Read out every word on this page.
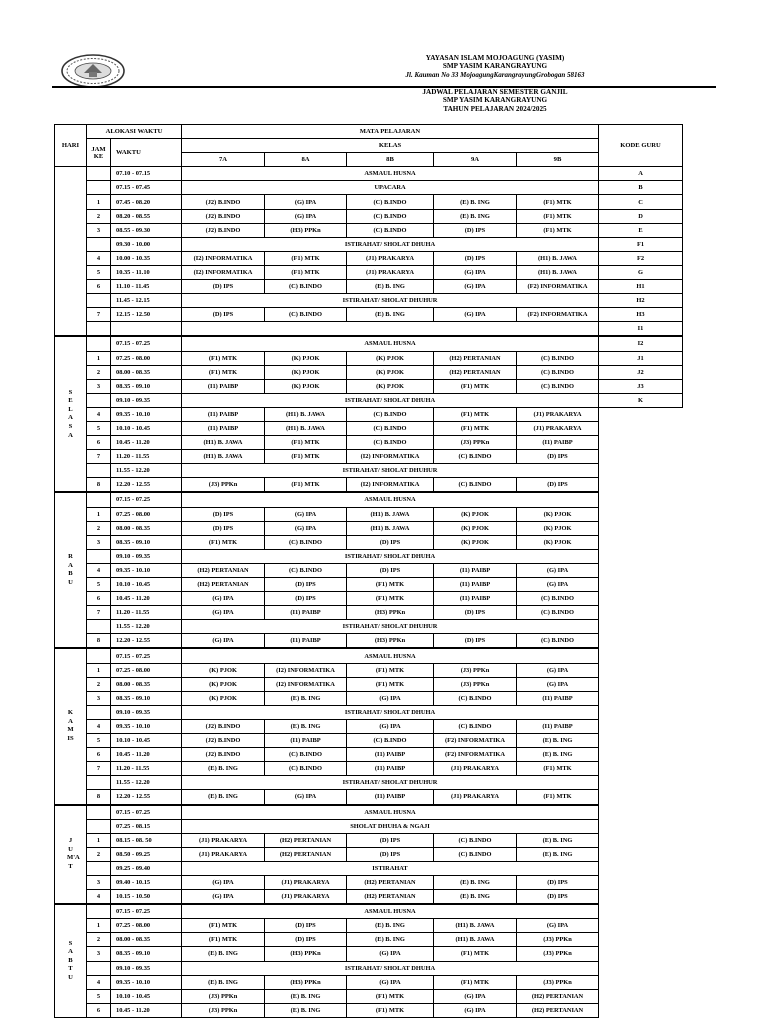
YAYASAN ISLAM MOJOAGUNG (YASIM)
SMP YASIM KARANGRAYUNG
Jl. Kauman No 33 MojoagungKarangrayungGrobogan 58163
JADWAL PELAJARAN SEMESTER GANJIL
SMP YASIM KARANGRAYUNG
TAHUN PELAJARAN 2024/2025
HARI	ALOKASI WAKTU		MATA PELAJARAN					KODE GURU
	JAM KE	WAKTU	KELAS					
			7A	8A	8B	9A	9B	
		07.10 - 07.15	ASMAUL HUSNA					A
		07.15 - 07.45	UPACARA					B
	1	07.45 - 08.20	(J2) B.INDO	(G) IPA	(C) B.INDO	(E) B. ING	(F1) MTK	C
	2	08.20 - 08.55	(J2) B.INDO	(G) IPA	(C) B.INDO	(E) B. ING	(F1) MTK	D
	3	08.55 - 09.30	(J2) B.INDO	(H3) PPKn	(C) B.INDO	(D) IPS	(F1) MTK	E
		09.30 - 10.00	ISTIRAHAT/ SHOLAT DHUHA					F1
	4	10.00 - 10.35	(I2) INFORMATIKA	(F1) MTK	(J1) PRAKARYA	(D) IPS	(H1) B. JAWA	F2
	5	10.35 - 11.10	(I2) INFORMATIKA	(F1) MTK	(J1) PRAKARYA	(G) IPA	(H1) B. JAWA	G
	6	11.10 - 11.45	(D) IPS	(C) B.INDO	(E) B. ING	(G) IPA	(F2) INFORMATIKA	H1
		11.45 - 12.15	ISTIRAHAT/ SHOLAT DHUHUR					H2
	7	12.15 - 12.50	(D) IPS	(C) B.INDO	(E) B. ING	(G) IPA	(F2) INFORMATIKA	H3
								I1
SELASA		07.15 - 07.25	ASMAUL HUSNA					I2
	1	07.25 - 08.00	(F1) MTK	(K) PJOK	(K) PJOK	(H2) PERTANIAN	(C) B.INDO	J1
	2	08.00 - 08.35	(F1) MTK	(K) PJOK	(K) PJOK	(H2) PERTANIAN	(C) B.INDO	J2
	3	08.35 - 09.10	(I1) PAIBP	(K) PJOK	(K) PJOK	(F1) MTK	(C) B.INDO	J3
		09.10 - 09.35	ISTIRAHAT/ SHOLAT DHUHA					K
	4	09.35 - 10.10	(I1) PAIBP	(H1) B. JAWA	(C) B.INDO	(F1) MTK	(J1) PRAKARYA	
	5	10.10 - 10.45	(I1) PAIBP	(H1) B. JAWA	(C) B.INDO	(F1) MTK	(J1) PRAKARYA	
	6	10.45 - 11.20	(H1) B. JAWA	(F1) MTK	(C) B.INDO	(J3) PPKn	(I1) PAIBP	
	7	11.20 - 11.55	(H1) B. JAWA	(F1) MTK	(I2) INFORMATIKA	(C) B.INDO	(D) IPS	
		11.55 - 12.20	ISTIRAHAT/ SHOLAT DHUHUR					
	8	12.20 - 12.55	(J3) PPKn	(F1) MTK	(I2) INFORMATIKA	(C) B.INDO	(D) IPS	
RABU		07.15 - 07.25	ASMAUL HUSNA					
	1	07.25 - 08.00	(D) IPS	(G) IPA	(H1) B. JAWA	(K) PJOK	(K) PJOK	
	2	08.00 - 08.35	(D) IPS	(G) IPA	(H1) B. JAWA	(K) PJOK	(K) PJOK	
	3	08.35 - 09.10	(F1) MTK	(C) B.INDO	(D) IPS	(K) PJOK	(K) PJOK	
		09.10 - 09.35	ISTIRAHAT/ SHOLAT DHUHA					
	4	09.35 - 10.10	(H2) PERTANIAN	(C) B.INDO	(D) IPS	(I1) PAIBP	(G) IPA	
	5	10.10 - 10.45	(H2) PERTANIAN	(D) IPS	(F1) MTK	(I1) PAIBP	(G) IPA	
	6	10.45 - 11.20	(G) IPA	(D) IPS	(F1) MTK	(I1) PAIBP	(C) B.INDO	
	7	11.20 - 11.55	(G) IPA	(I1) PAIBP	(H3) PPKn	(D) IPS	(C) B.INDO	
		11.55 - 12.20	ISTIRAHAT/ SHOLAT DHUHUR					
	8	12.20 - 12.55	(G) IPA	(I1) PAIBP	(H3) PPKn	(D) IPS	(C) B.INDO	
KAMIS		07.15 - 07.25	ASMAUL HUSNA					
	1	07.25 - 08.00	(K) PJOK	(I2) INFORMATIKA	(F1) MTK	(J3) PPKn	(G) IPA	
	2	08.00 - 08.35	(K) PJOK	(I2) INFORMATIKA	(F1) MTK	(J3) PPKn	(G) IPA	
	3	08.35 - 09.10	(K) PJOK	(E) B. ING	(G) IPA	(C) B.INDO	(I1) PAIBP	
		09.10 - 09.35	ISTIRAHAT/ SHOLAT DHUHA					
	4	09.35 - 10.10	(J2) B.INDO	(E) B. ING	(G) IPA	(C) B.INDO	(I1) PAIBP	
	5	10.10 - 10.45	(J2) B.INDO	(I1) PAIBP	(C) B.INDO	(F2) INFORMATIKA	(E) B. ING	
	6	10.45 - 11.20	(J2) B.INDO	(C) B.INDO	(I1) PAIBP	(F2) INFORMATIKA	(E) B. ING	
	7	11.20 - 11.55	(E) B. ING	(C) B.INDO	(I1) PAIBP	(J1) PRAKARYA	(F1) MTK	
		11.55 - 12.20	ISTIRAHAT/ SHOLAT DHUHUR					
	8	12.20 - 12.55	(E) B. ING	(G) IPA	(I1) PAIBP	(J1) PRAKARYA	(F1) MTK	
JUM'AT		07.15 - 07.25	ASMAUL HUSNA					
		07.25 - 08.15	SHOLAT DHUHA & NGAJI					
	1	08.15 - 08. 50	(J1) PRAKARYA	(H2) PERTANIAN	(D) IPS	(C) B.INDO	(E) B. ING	
	2	08.50 - 09.25	(J1) PRAKARYA	(H2) PERTANIAN	(D) IPS	(C) B.INDO	(E) B. ING	
		09.25 - 09.40	ISTIRAHAT					
	3	09.40 - 10.15	(G) IPA	(J1) PRAKARYA	(H2) PERTANIAN	(E) B. ING	(D) IPS	
	4	10.15 - 10.50	(G) IPA	(J1) PRAKARYA	(H2) PERTANIAN	(E) B. ING	(D) IPS	
SABTU		07.15 - 07.25	ASMAUL HUSNA					
	1	07.25 - 08.00	(F1) MTK	(D) IPS	(E) B. ING	(H1) B. JAWA	(G) IPA	
	2	08.00 - 08.35	(F1) MTK	(D) IPS	(E) B. ING	(H1) B. JAWA	(J3) PPKn	
	3	08.35 - 09.10	(E) B. ING	(H3) PPKn	(G) IPA	(F1) MTK	(J3) PPKn	
		09.10 - 09.35	ISTIRAHAT/ SHOLAT DHUHA					
	4	09.35 - 10.10	(E) B. ING	(H3) PPKn	(G) IPA	(F1) MTK	(J3) PPKn	
	5	10.10 - 10.45	(J3) PPKn	(E) B. ING	(F1) MTK	(G) IPA	(H2) PERTANIAN	
	6	10.45 - 11.20	(J3) PPKn	(E) B. ING	(F1) MTK	(G) IPA	(H2) PERTANIAN	
